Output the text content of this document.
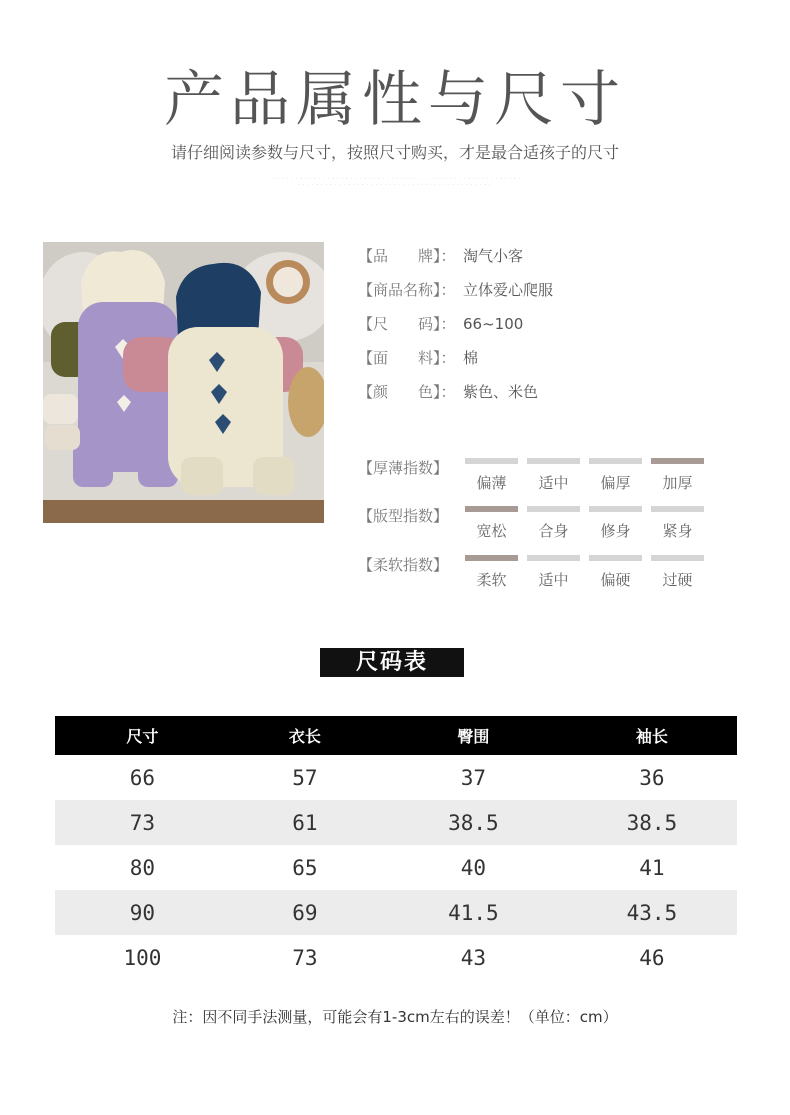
产品属性与尺寸
请仔细阅读参数与尺寸，按照尺寸购买，才是最合适孩子的尺寸
· · · · · · · · · · · · · · · · · · · · · · · · · · · · · · · · · · · · · · · · · · · · · · · · · · · · · · · ·
· · · · · · · · · · · · · · · · · · · · · · · · · · · · · · · · · · · · · · · · · · ·
【品　　牌】： 淘气小客
【商品名称】： 立体爱心爬服
【尺　　码】： 66~100
【面　　料】： 棉
【颜　　色】： 紫色、米色
【厚薄指数】
偏薄	适中	偏厚	加厚
【版型指数】
宽松	合身	修身	紧身
【柔软指数】
柔软	适中	偏硬	过硬
尺码表
尺寸	衣长	臀围	袖长
66	57	37	36
73	61	38.5	38.5
80	65	40	41
90	69	41.5	43.5
100	73	43	46
注：因不同手法测量，可能会有1-3cm左右的误差！（单位：cm）
